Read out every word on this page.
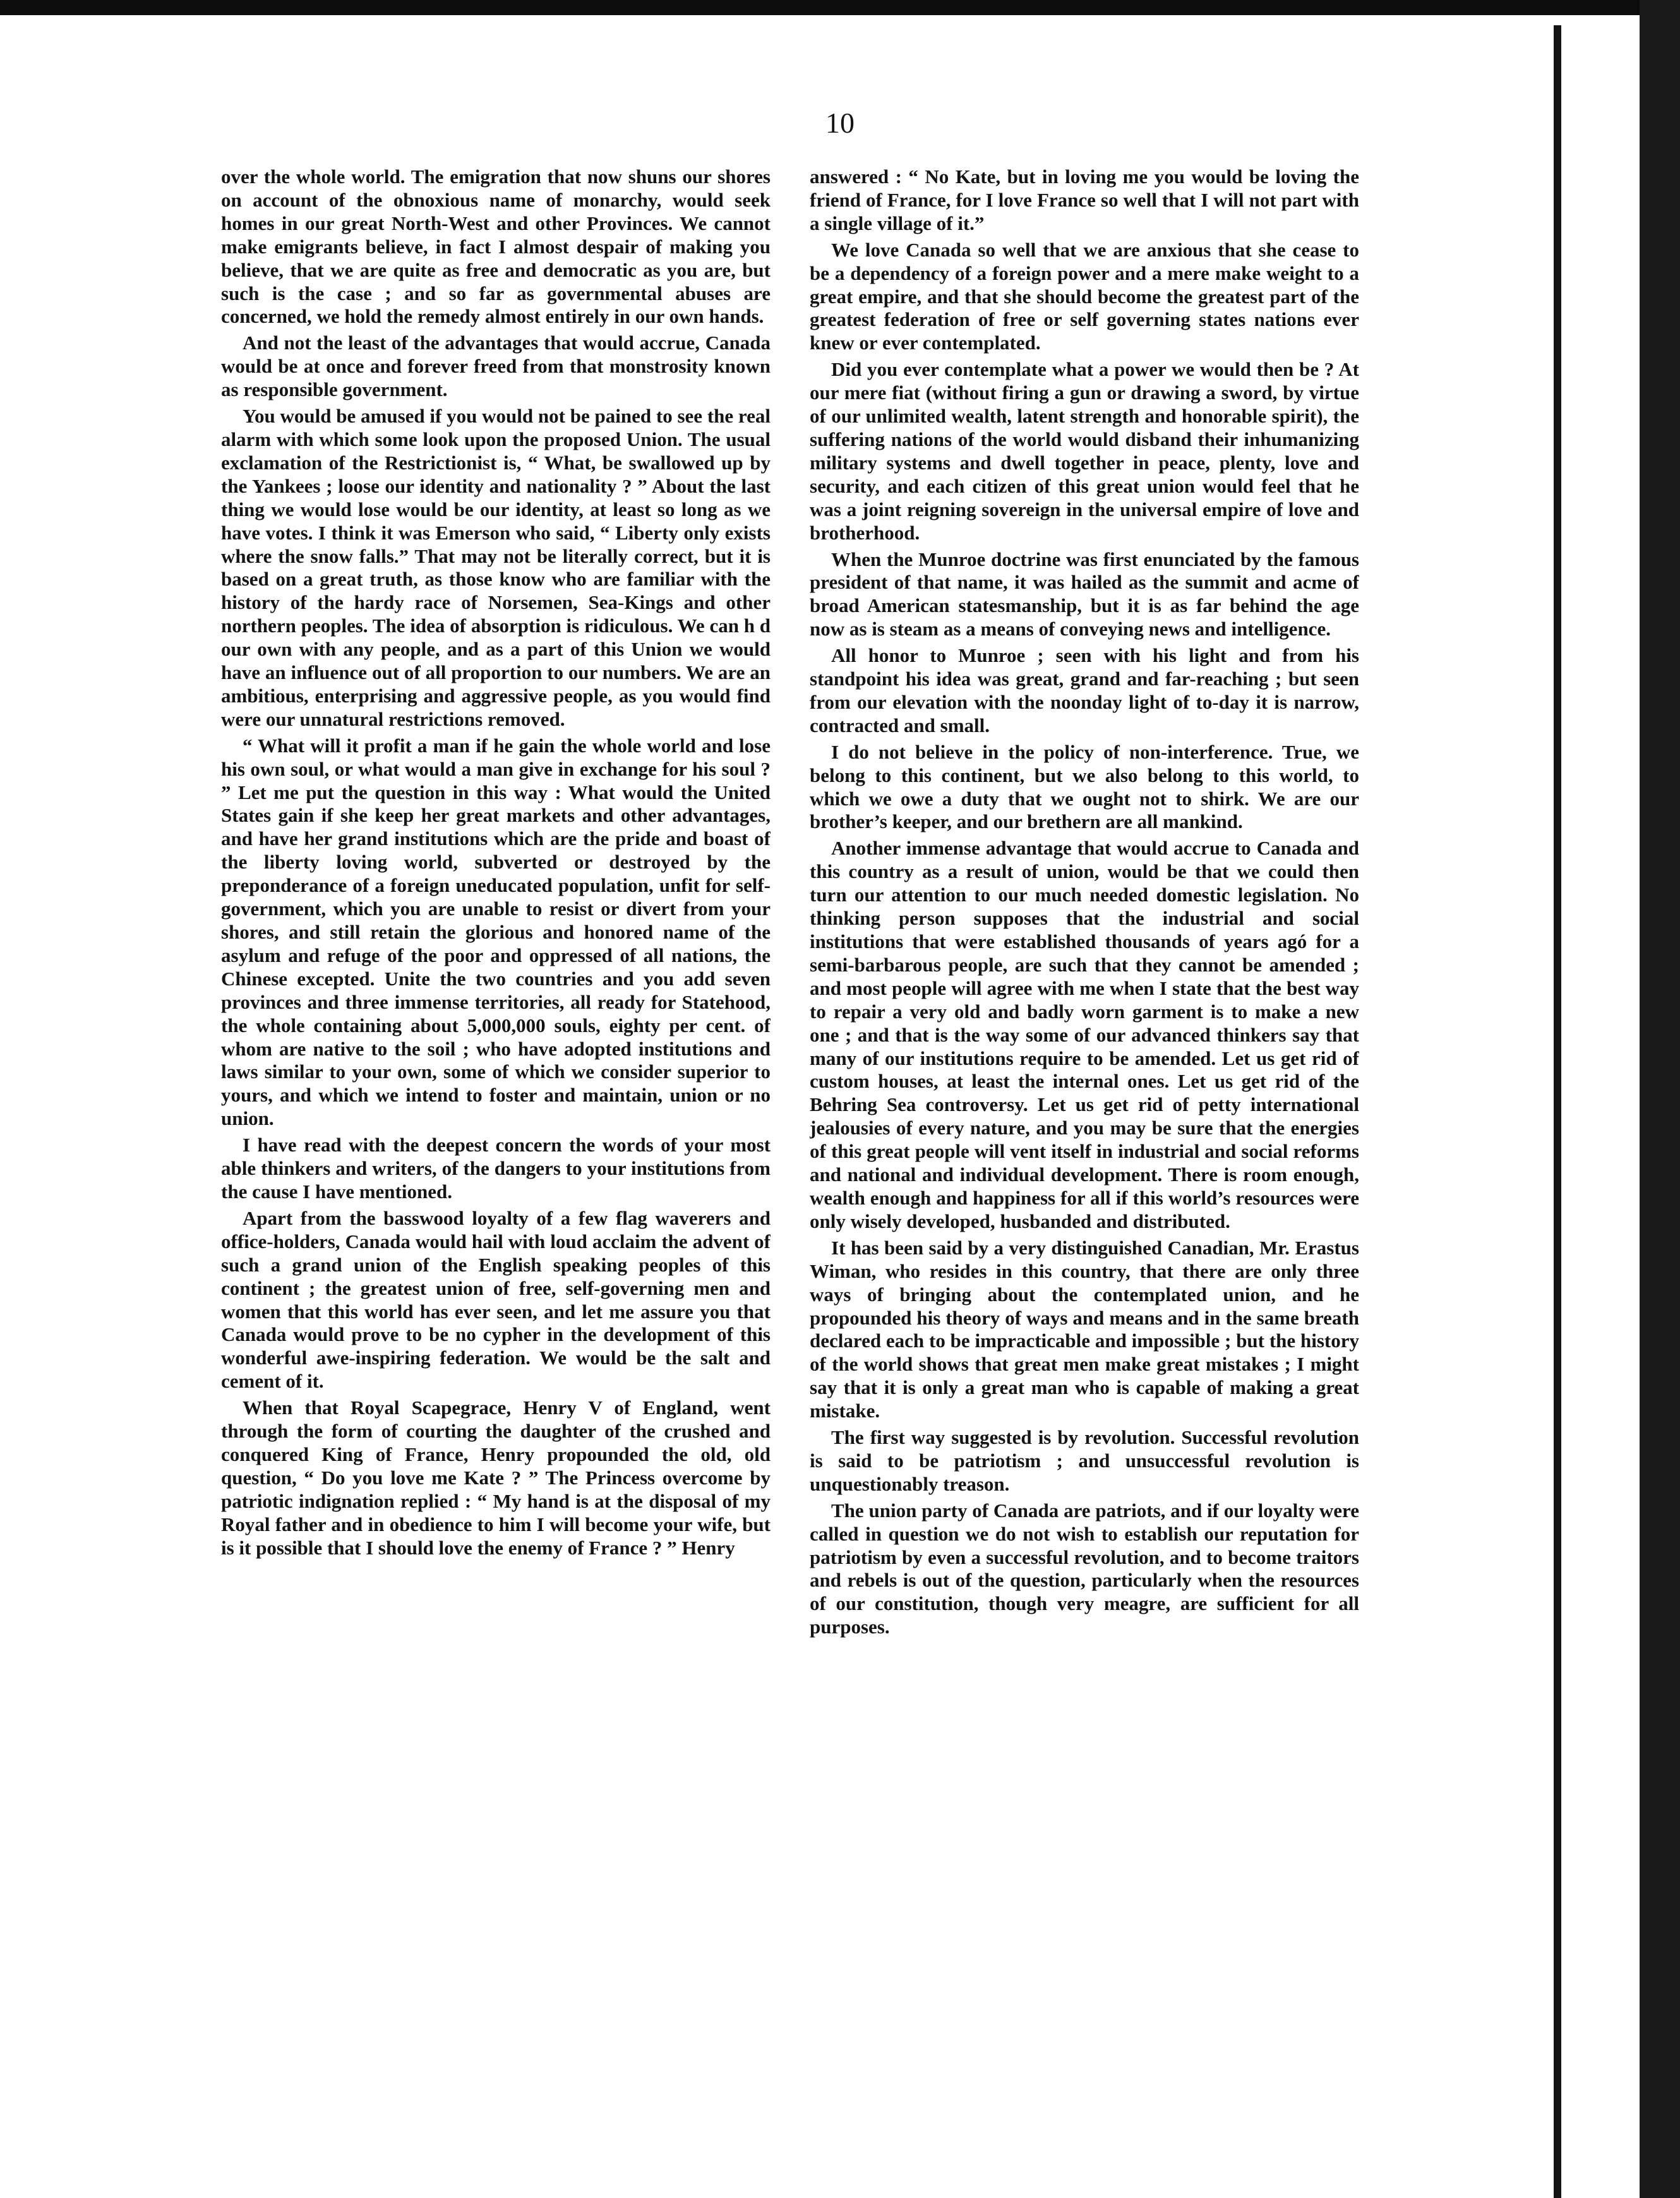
10

over the whole world. The emigration that now shuns our shores on account of the obnoxious name of monarchy, would seek homes in our great North-West and other Provinces. We cannot make emigrants believe, in fact I almost despair of making you believe, that we are quite as free and democratic as you are, but such is the case ; and so far as governmental abuses are concerned, we hold the remedy almost entirely in our own hands.

And not the least of the advantages that would accrue, Canada would be at once and forever freed from that monstrosity known as responsible government.

You would be amused if you would not be pained to see the real alarm with which some look upon the proposed Union. The usual exclamation of the Restrictionist is, “ What, be swallowed up by the Yankees ; loose our identity and nationality ? ” About the last thing we would lose would be our identity, at least so long as we have votes. I think it was Emerson who said, “ Liberty only exists where the snow falls.” That may not be literally correct, but it is based on a great truth, as those know who are familiar with the history of the hardy race of Norsemen, Sea-Kings and other northern peoples. The idea of absorption is ridiculous. We can h d our own with any people, and as a part of this Union we would have an influence out of all proportion to our numbers. We are an ambitious, enterprising and aggressive people, as you would find were our unnatural restrictions removed.

“ What will it profit a man if he gain the whole world and lose his own soul, or what would a man give in exchange for his soul ? ” Let me put the question in this way : What would the United States gain if she keep her great markets and other advantages, and have her grand institutions which are the pride and boast of the liberty loving world, subverted or destroyed by the preponderance of a foreign uneducated population, unfit for self-government, which you are unable to resist or divert from your shores, and still retain the glorious and honored name of the asylum and refuge of the poor and oppressed of all nations, the Chinese excepted. Unite the two countries and you add seven provinces and three immense territories, all ready for Statehood, the whole containing about 5,000,000 souls, eighty per cent. of whom are native to the soil ; who have adopted institutions and laws similar to your own, some of which we consider superior to yours, and which we intend to foster and maintain, union or no union.

I have read with the deepest concern the words of your most able thinkers and writers, of the dangers to your institutions from the cause I have mentioned.

Apart from the basswood loyalty of a few flag waverers and office-holders, Canada would hail with loud acclaim the advent of such a grand union of the English speaking peoples of this continent ; the greatest union of free, self-governing men and women that this world has ever seen, and let me assure you that Canada would prove to be no cypher in the development of this wonderful awe-inspiring federation. We would be the salt and cement of it.

When that Royal Scapegrace, Henry V of England, went through the form of courting the daughter of the crushed and conquered King of France, Henry propounded the old, old question, “ Do you love me Kate ? ” The Princess overcome by patriotic indignation replied : “ My hand is at the disposal of my Royal father and in obedience to him I will become your wife, but is it possible that I should love the enemy of France ? ” Henry

answered : “ No Kate, but in loving me you would be loving the friend of France, for I love France so well that I will not part with a single village of it.”

We love Canada so well that we are anxious that she cease to be a dependency of a foreign power and a mere make weight to a great empire, and that she should become the greatest part of the greatest federation of free or self governing states nations ever knew or ever contemplated.

Did you ever contemplate what a power we would then be ? At our mere fiat (without firing a gun or drawing a sword, by virtue of our unlimited wealth, latent strength and honorable spirit), the suffering nations of the world would disband their inhumanizing military systems and dwell together in peace, plenty, love and security, and each citizen of this great union would feel that he was a joint reigning sovereign in the universal empire of love and brotherhood.

When the Munroe doctrine was first enunciated by the famous president of that name, it was hailed as the summit and acme of broad American statesmanship, but it is as far behind the age now as is steam as a means of conveying news and intelligence.

All honor to Munroe ; seen with his light and from his standpoint his idea was great, grand and far-reaching ; but seen from our elevation with the noonday light of to-day it is narrow, contracted and small.

I do not believe in the policy of non-interference. True, we belong to this continent, but we also belong to this world, to which we owe a duty that we ought not to shirk. We are our brother’s keeper, and our brethern are all mankind.

Another immense advantage that would accrue to Canada and this country as a result of union, would be that we could then turn our attention to our much needed domestic legislation. No thinking person supposes that the industrial and social institutions that were established thousands of years agó for a semi-barbarous people, are such that they cannot be amended ; and most people will agree with me when I state that the best way to repair a very old and badly worn garment is to make a new one ; and that is the way some of our advanced thinkers say that many of our institutions require to be amended. Let us get rid of custom houses, at least the internal ones. Let us get rid of the Behring Sea controversy. Let us get rid of petty international jealousies of every nature, and you may be sure that the energies of this great people will vent itself in industrial and social reforms and national and individual development. There is room enough, wealth enough and happiness for all if this world’s resources were only wisely developed, husbanded and distributed.

It has been said by a very distinguished Canadian, Mr. Erastus Wiman, who resides in this country, that there are only three ways of bringing about the contemplated union, and he propounded his theory of ways and means and in the same breath declared each to be impracticable and impossible ; but the history of the world shows that great men make great mistakes ; I might say that it is only a great man who is capable of making a great mistake.

The first way suggested is by revolution. Successful revolution is said to be patriotism ; and unsuccessful revolution is unquestionably treason.

The union party of Canada are patriots, and if our loyalty were called in question we do not wish to establish our reputation for patriotism by even a successful revolution, and to become traitors and rebels is out of the question, particularly when the resources of our constitution, though very meagre, are sufficient for all purposes.
